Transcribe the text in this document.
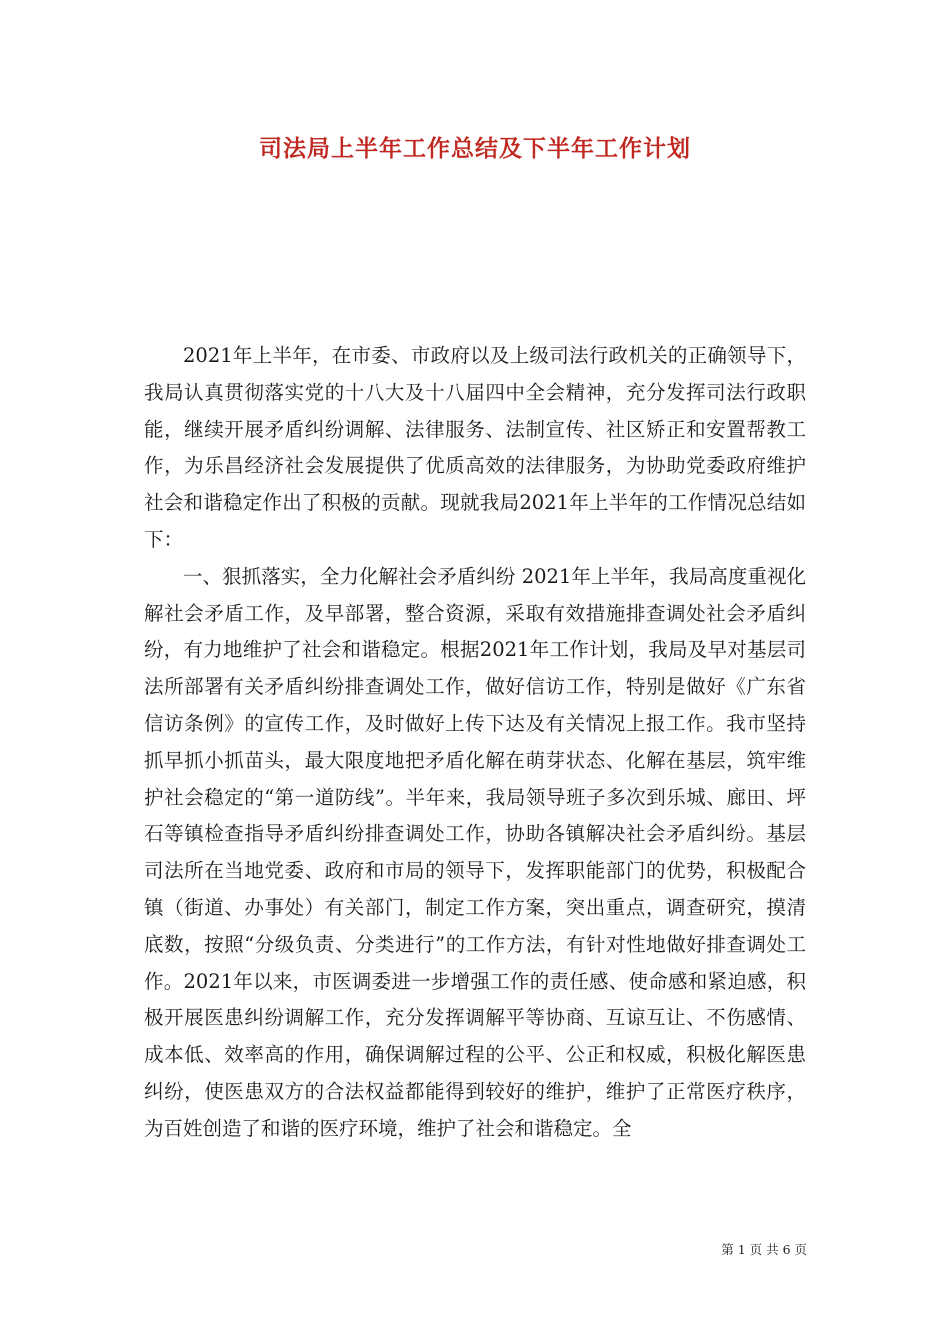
司法局上半年工作总结及下半年工作计划

2021年上半年，在市委、市政府以及上级司法行政机关的正确领导下，我局认真贯彻落实党的十八大及十八届四中全会精神，充分发挥司法行政职能，继续开展矛盾纠纷调解、法律服务、法制宣传、社区矫正和安置帮教工作，为乐昌经济社会发展提供了优质高效的法律服务，为协助党委政府维护社会和谐稳定作出了积极的贡献。现就我局2021年上半年的工作情况总结如下：

一、狠抓落实，全力化解社会矛盾纠纷 2021年上半年，我局高度重视化解社会矛盾工作，及早部署，整合资源，采取有效措施排查调处社会矛盾纠纷，有力地维护了社会和谐稳定。根据2021年工作计划，我局及早对基层司法所部署有关矛盾纠纷排查调处工作，做好信访工作，特别是做好《广东省信访条例》的宣传工作，及时做好上传下达及有关情况上报工作。我市坚持抓早抓小抓苗头，最大限度地把矛盾化解在萌芽状态、化解在基层，筑牢维护社会稳定的“第一道防线”。半年来，我局领导班子多次到乐城、廊田、坪石等镇检查指导矛盾纠纷排查调处工作，协助各镇解决社会矛盾纠纷。基层司法所在当地党委、政府和市局的领导下，发挥职能部门的优势，积极配合镇（街道、办事处）有关部门，制定工作方案，突出重点，调查研究，摸清底数，按照“分级负责、分类进行”的工作方法，有针对性地做好排查调处工作。2021年以来，市医调委进一步增强工作的责任感、使命感和紧迫感，积极开展医患纠纷调解工作，充分发挥调解平等协商、互谅互让、不伤感情、成本低、效率高的作用，确保调解过程的公平、公正和权威，积极化解医患纠纷，使医患双方的合法权益都能得到较好的维护，维护了正常医疗秩序，为百姓创造了和谐的医疗环境，维护了社会和谐稳定。全

第 1 页 共 6 页
